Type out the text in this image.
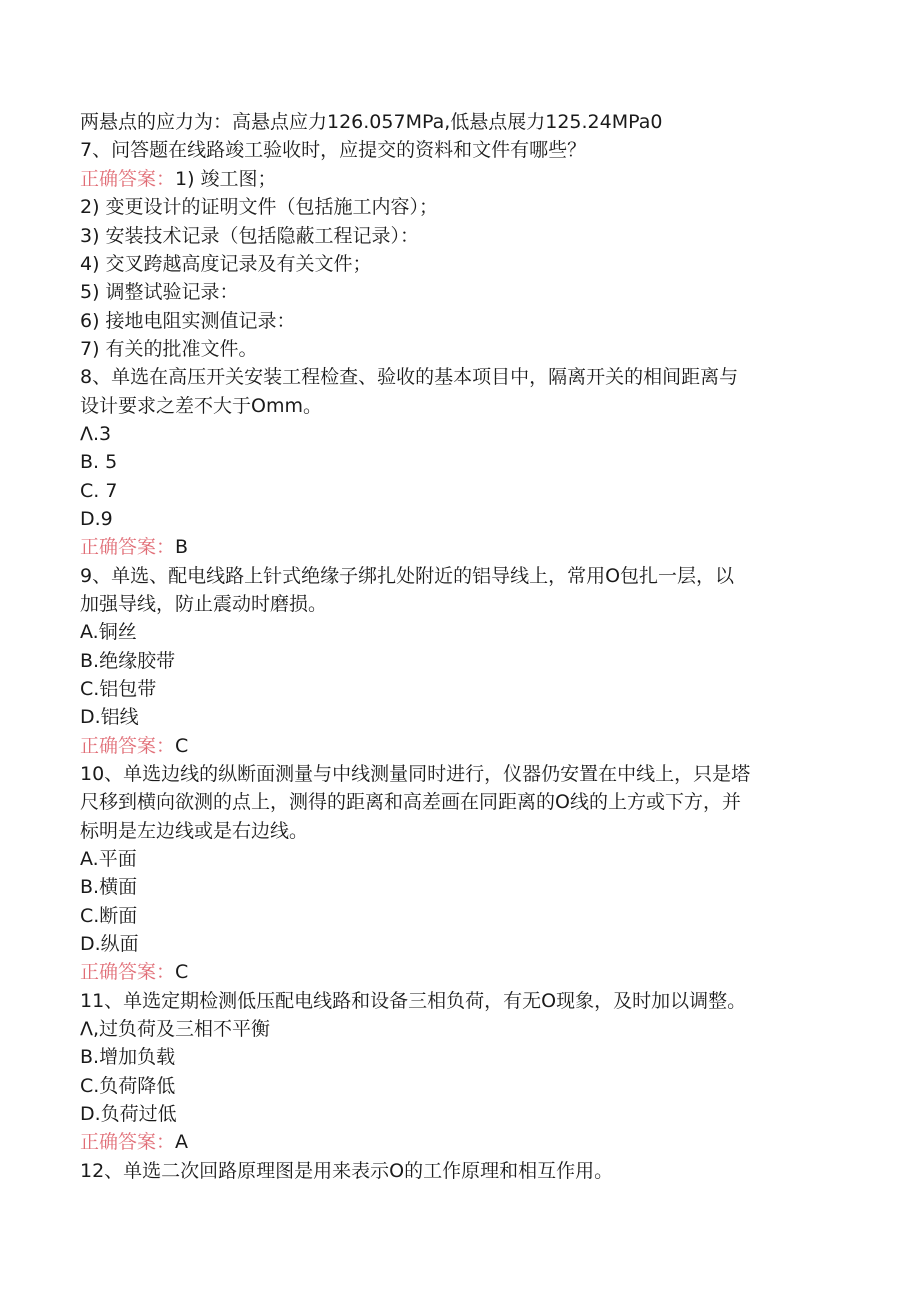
两悬点的应力为：高悬点应力126.057MPa,低悬点展力125.24MPa0
7、问答题在线路竣工验收时，应提交的资料和文件有哪些？
正确答案：1) 竣工图；
2) 变更设计的证明文件（包括施工内容）；
3) 安装技术记录（包括隐蔽工程记录）：
4) 交叉跨越高度记录及有关文件；
5) 调整试验记录：
6) 接地电阻实测值记录：
7) 有关的批准文件。
8、单选在高压开关安装工程检查、验收的基本项目中，隔离开关的相间距离与
设计要求之差不大于Omm。
Λ.3
B. 5
C. 7
D.9
正确答案：B
9、单选、配电线路上针式绝缘子绑扎处附近的铝导线上，常用O包扎一层，以
加强导线，防止震动时磨损。
A.铜丝
B.绝缘胶带
C.铝包带
D.铝线
正确答案：C
10、单选边线的纵断面测量与中线测量同时进行，仪器仍安置在中线上，只是塔
尺移到横向欲测的点上，测得的距离和高差画在同距离的O线的上方或下方，并
标明是左边线或是右边线。
A.平面
B.横面
C.断面
D.纵面
正确答案：C
11、单选定期检测低压配电线路和设备三相负荷，有无O现象，及时加以调整。
Λ,过负荷及三相不平衡
B.增加负载
C.负荷降低
D.负荷过低
正确答案：A
12、单选二次回路原理图是用来表示O的工作原理和相互作用。
